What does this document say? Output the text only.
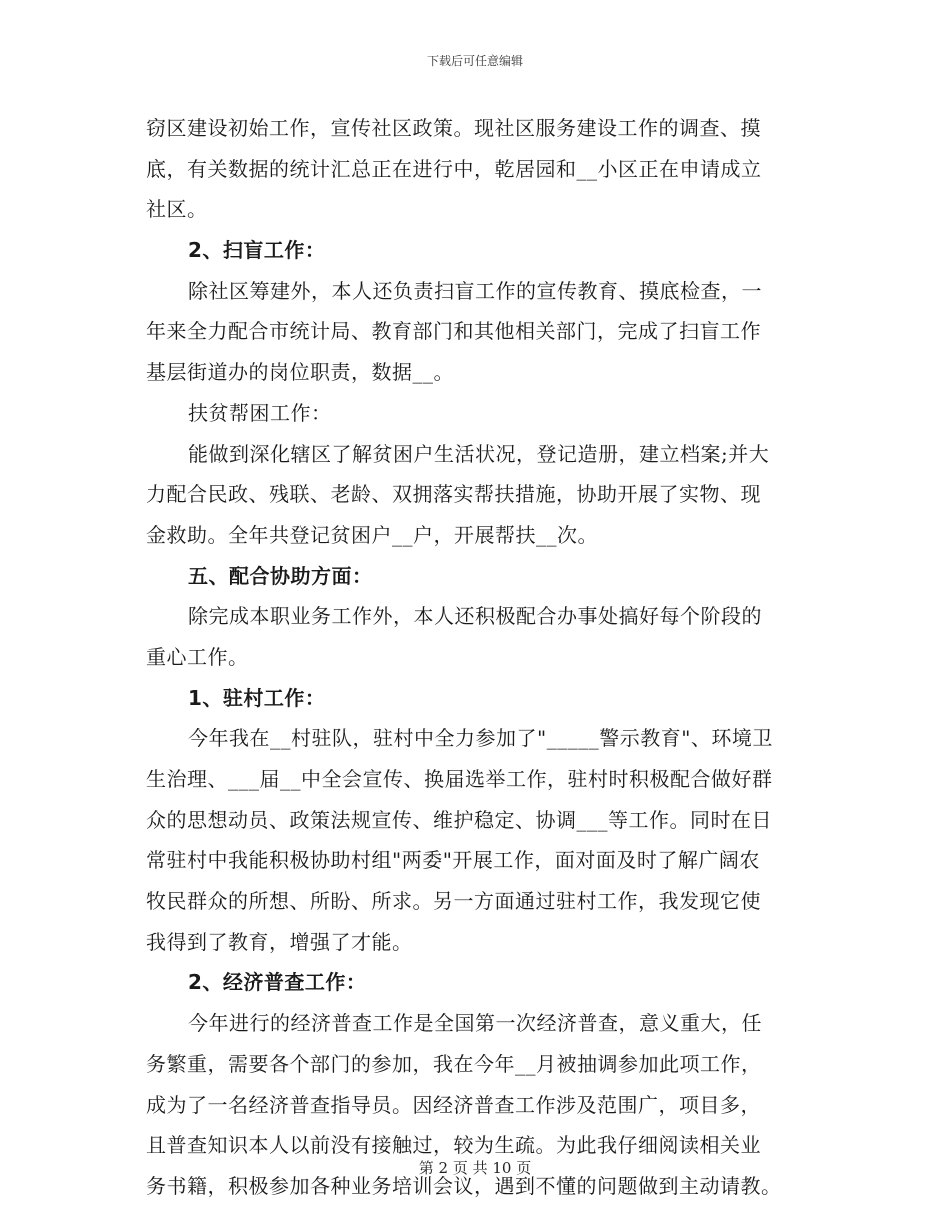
下载后可任意编辑
窃区建设初始工作，宣传社区政策。现社区服务建设工作的调查、摸
底，有关数据的统计汇总正在进行中，乾居园和__小区正在申请成立
社区。
2、扫盲工作：
除社区筹建外，本人还负责扫盲工作的宣传教育、摸底检查，一
年来全力配合市统计局、教育部门和其他相关部门，完成了扫盲工作
基层街道办的岗位职责，数据__。
扶贫帮困工作：
能做到深化辖区了解贫困户生活状况，登记造册，建立档案;并大
力配合民政、残联、老龄、双拥落实帮扶措施，协助开展了实物、现
金救助。全年共登记贫困户__户，开展帮扶__次。
五、配合协助方面：
除完成本职业务工作外，本人还积极配合办事处搞好每个阶段的
重心工作。
1、驻村工作：
今年我在__村驻队，驻村中全力参加了"_____警示教育"、环境卫
生治理、___届__中全会宣传、换届选举工作，驻村时积极配合做好群
众的思想动员、政策法规宣传、维护稳定、协调___等工作。同时在日
常驻村中我能积极协助村组"两委"开展工作，面对面及时了解广阔农
牧民群众的所想、所盼、所求。另一方面通过驻村工作，我发现它使
我得到了教育，增强了才能。
2、经济普查工作：
今年进行的经济普查工作是全国第一次经济普查，意义重大，任
务繁重，需要各个部门的参加，我在今年__月被抽调参加此项工作，
成为了一名经济普查指导员。因经济普查工作涉及范围广，项目多，
且普查知识本人以前没有接触过，较为生疏。为此我仔细阅读相关业
务书籍，积极参加各种业务培训会议，遇到不懂的问题做到主动请教。
第 2 页 共 10 页
